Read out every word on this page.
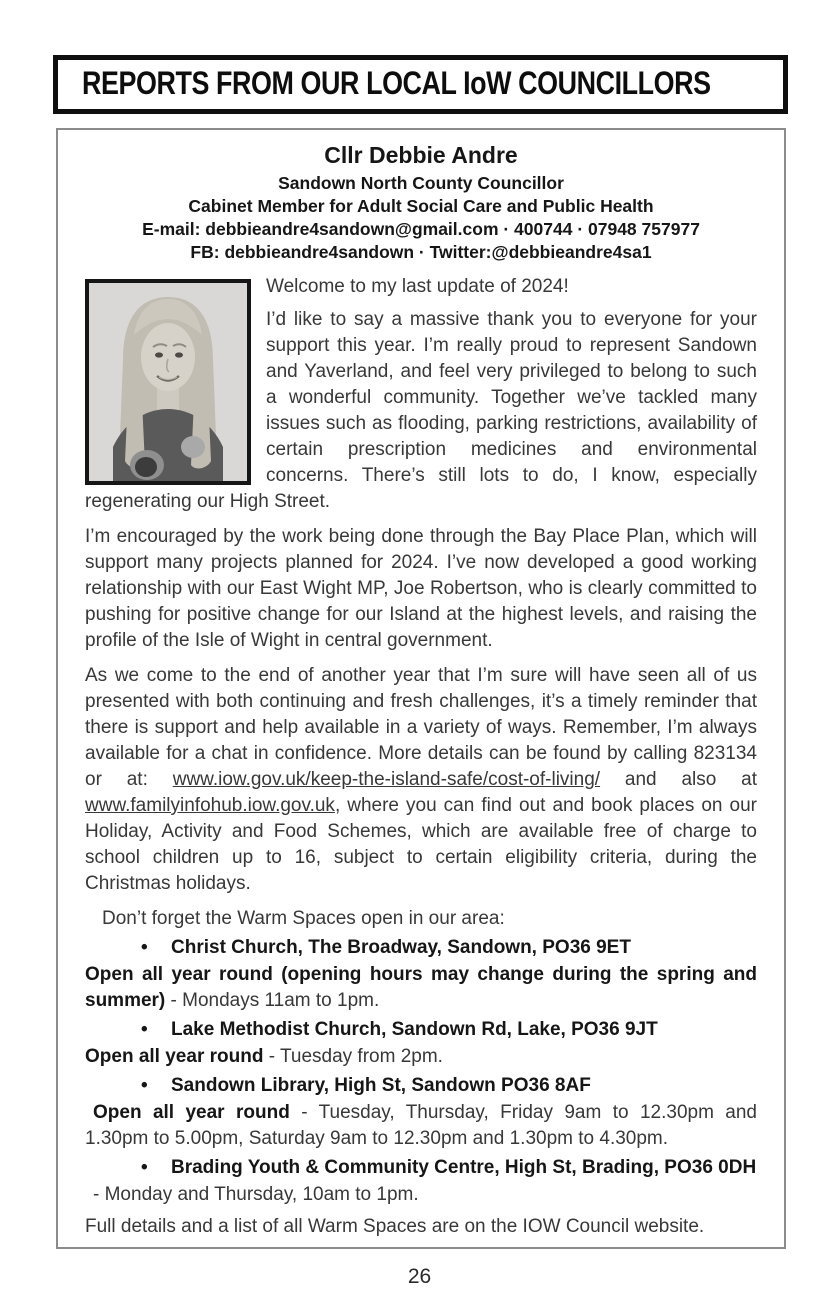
REPORTS FROM OUR LOCAL IoW COUNCILLORS
Cllr Debbie Andre
Sandown North County Councillor
Cabinet Member for Adult Social Care and Public Health
E-mail: debbieandre4sandown@gmail.com · 400744 · 07948 757977
FB: debbieandre4sandown · Twitter:@debbieandre4sa1

Welcome to my last update of 2024!

I’d like to say a massive thank you to everyone for your support this year. I’m really proud to represent Sandown and Yaverland, and feel very privileged to belong to such a wonderful community. Together we’ve tackled many issues such as flooding, parking restrictions, availability of certain prescription medicines and environmental concerns. There’s still lots to do, I know, especially regenerating our High Street.

I’m encouraged by the work being done through the Bay Place Plan, which will support many projects planned for 2024. I’ve now developed a good working relationship with our East Wight MP, Joe Robertson, who is clearly committed to pushing for positive change for our Island at the highest levels, and raising the profile of the Isle of Wight in central government.

As we come to the end of another year that I’m sure will have seen all of us presented with both continuing and fresh challenges, it’s a timely reminder that there is support and help available in a variety of ways. Remember, I’m always available for a chat in confidence. More details can be found by calling 823134 or at: www.iow.gov.uk/keep-the-island-safe/cost-of-living/ and also at www.familyinfohub.iow.gov.uk, where you can find out and book places on our Holiday, Activity and Food Schemes, which are available free of charge to school children up to 16, subject to certain eligibility criteria, during the Christmas holidays.

Don’t forget the Warm Spaces open in our area:

• Christ Church, The Broadway, Sandown, PO36 9ET

Open all year round (opening hours may change during the spring and summer) - Mondays 11am to 1pm.

• Lake Methodist Church, Sandown Rd, Lake, PO36 9JT

Open all year round - Tuesday from 2pm.

• Sandown Library, High St, Sandown PO36 8AF

Open all year round - Tuesday, Thursday, Friday 9am to 12.30pm and 1.30pm to 5.00pm, Saturday 9am to 12.30pm and 1.30pm to 4.30pm.

• Brading Youth & Community Centre, High St, Brading, PO36 0DH

- Monday and Thursday, 10am to 1pm.

Full details and a list of all Warm Spaces are on the IOW Council website.

26
